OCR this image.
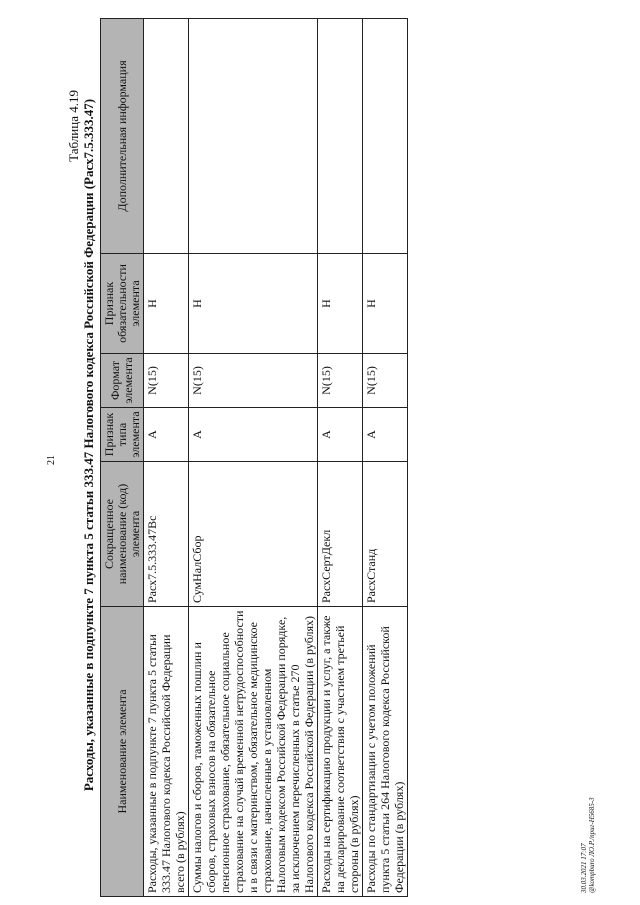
21
Таблица 4.19 Расходы, указанные в подпункте 7 пункта 5 статьи 333.47 Налогового кодекса Российской Федерации (Расх7.5.333.47) Наименование элемента	Сокращенное наименование (код) элемента	Признак типа элемента	Формат элемента	Признак обязательности элемента	Дополнительная информация
Расходы, указанные в подпункте 7 пункта 5 статьи 333.47 Налогового кодекса Российской Федерации всего (в рублях)	Расх7.5.333.47Вс	А	N(15)	Н	
Суммы налогов и сборов, таможенных пошлин и сборов, страховых взносов на обязательное пенсионное страхование, обязательное социальное страхование на случай временной нетрудоспособности и в связи с материнством, обязательное медицинское страхование, начисленные в установленном Налоговым кодексом Российской Федерации порядке, за исключением перечисленных в статье 270 Налогового кодекса Российской Федерации (в рублях)	СумНалСбор	А	N(15)	Н	
Расходы на сертификацию продукции и услуг, а также на декларирование соответствия с участием третьей стороны (в рублях)	РасхСертДекл	А	N(15)	Н	
Расходы по стандартизации с учетом положений пункта 5 статьи 264 Налогового кодекса Российской Федерации (в рублях)	РасхСтанд	А	N(15)	Н	
30.03.2021 17:07 @kompburo ЛО.Р./приг-Н5685-3
